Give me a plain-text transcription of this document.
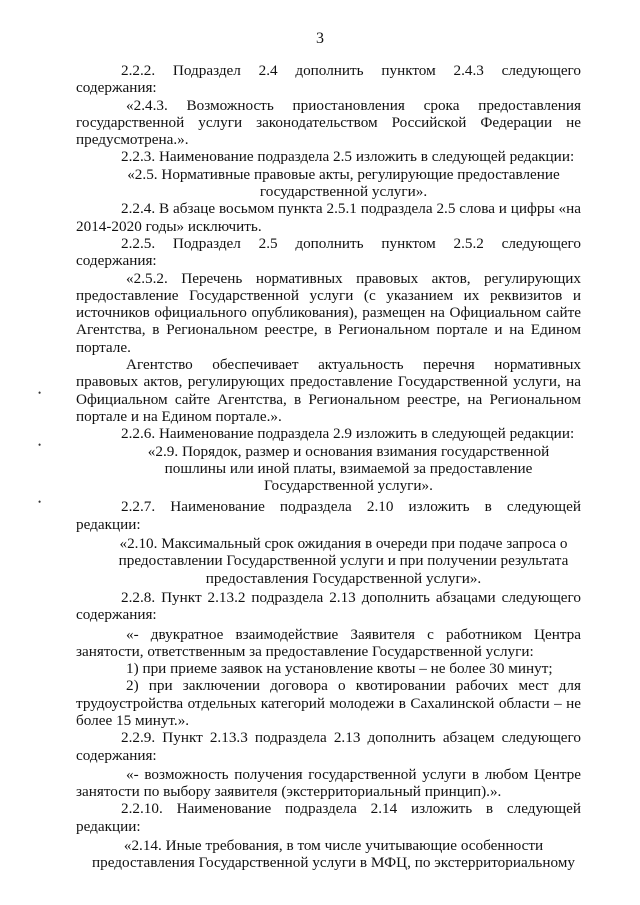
3
•
•
•

2.2.2. Подраздел 2.4 дополнить пунктом 2.4.3 следующего

содержания:

«2.4.3. Возможность приостановления срока предоставления государственной услуги законодательством Российской Федерации не предусмотрена.».

2.2.3. Наименование подраздела 2.5 изложить в следующей редакции:

«2.5. Нормативные правовые акты, регулирующие предоставление государственной услуги».

2.2.4. В абзаце восьмом пункта 2.5.1 подраздела 2.5 слова и цифры «на 2014-2020 годы» исключить.

2.2.5. Подраздел 2.5 дополнить пунктом 2.5.2 следующего

содержания:

«2.5.2. Перечень нормативных правовых актов, регулирующих предоставление Государственной услуги (с указанием их реквизитов и источников официального опубликования), размещен на Официальном сайте Агентства, в Региональном реестре, в Региональном портале и на Едином портале.

Агентство обеспечивает актуальность перечня нормативных правовых актов, регулирующих предоставление Государственной услуги, на Официальном сайте Агентства, в Региональном реестре, на Региональном портале и на Едином портале.».

2.2.6. Наименование подраздела 2.9 изложить в следующей редакции:

«2.9. Порядок, размер и основания взимания государственной пошлины или иной платы, взимаемой за предоставление Государственной услуги».

2.2.7. Наименование подраздела 2.10 изложить в следующей

редакции:

«2.10. Максимальный срок ожидания в очереди при подаче запроса о предоставлении Государственной услуги и при получении результата предоставления Государственной услуги».

2.2.8. Пункт 2.13.2 подраздела 2.13 дополнить абзацами следующего содержания:

«- двукратное взаимодействие Заявителя с работником Центра занятости, ответственным за предоставление Государственной услуги:

1) при приеме заявок на установление квоты – не более 30 минут;

2) при заключении договора о квотировании рабочих мест для трудоустройства отдельных категорий молодежи в Сахалинской области – не более 15 минут.».

2.2.9. Пункт 2.13.3 подраздела 2.13 дополнить абзацем следующего содержания:

«- возможность получения государственной услуги в любом Центре занятости по выбору заявителя (экстерриториальный принцип).».

2.2.10. Наименование подраздела 2.14 изложить в следующей

редакции:

«2.14. Иные требования, в том числе учитывающие особенности предоставления Государственной услуги в МФЦ, по экстерриториальному
